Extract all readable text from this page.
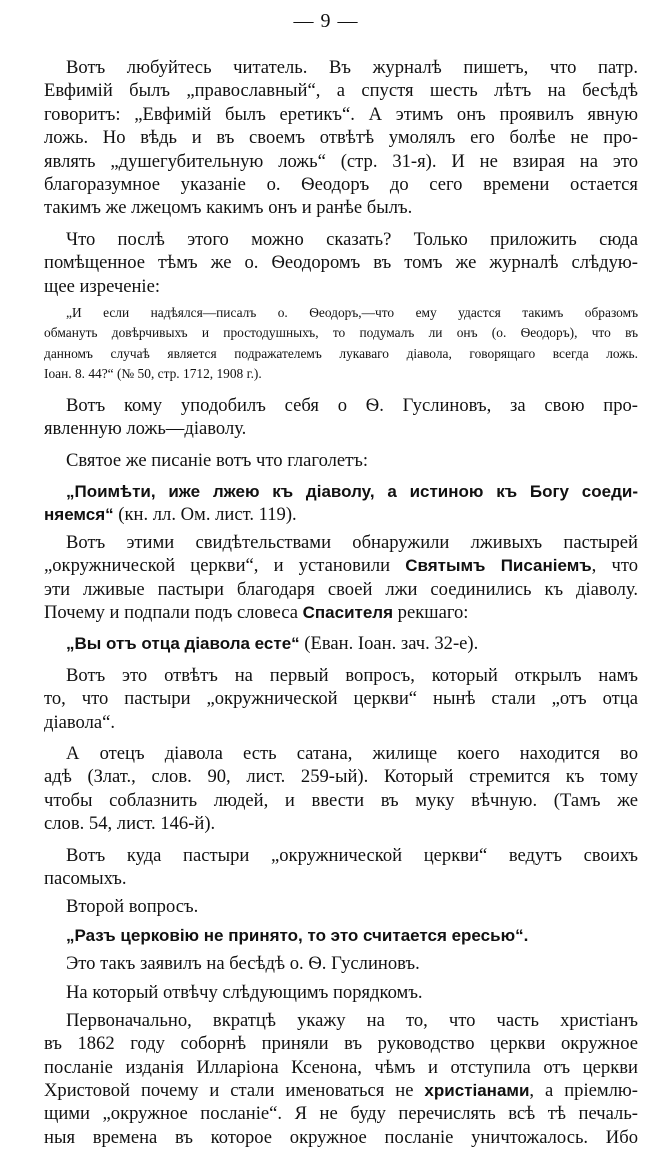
— 9 —
Вотъ любуйтесь читатель. Въ журналѣ пишетъ, что патр.
Евфимій былъ „православный“, а спустя шесть лѣтъ на бесѣдѣ
говоритъ: „Евфимій былъ еретикъ“. А этимъ онъ проявилъ явную
ложь. Но вѣдь и въ своемъ отвѣтѣ умолялъ его болѣе не про-
являть „душегубительную ложь“ (стр. 31-я). И не взирая на это
благоразумное указаніе о. Ѳеодоръ до сего времени остается
такимъ же лжецомъ какимъ онъ и ранѣе былъ.
Что послѣ этого можно сказать? Только приложить сюда
помѣщенное тѣмъ же о. Ѳеодоромъ въ томъ же журналѣ слѣдую-
щее изреченіе:
„И если надѣялся—писалъ о. Ѳеодоръ,—что ему удастся такимъ образомъ
обмануть довѣрчивыхъ и простодушныхъ, то подумалъ ли онъ (о. Ѳеодоръ), что въ
данномъ случаѣ является подражателемъ лукаваго діавола, говорящаго всегда ложь.
Іоан. 8. 44?“ (№ 50, стр. 1712, 1908 г.).
Вотъ кому уподобилъ себя о Ѳ. Гуслиновъ, за свою про-
явленную ложь—діаволу.
Святое же писаніе вотъ что глаголетъ:
„Поимѣти, иже лжею къ діаволу, а истиною къ Богу соеди-
няемся“ (кн. лл. Ом. лист. 119).
Вотъ этими свидѣтельствами обнаружили лживыхъ пастырей
„окружнической церкви“, и установили Святымъ Писаніемъ, что
эти лживые пастыри благодаря своей лжи соединились къ діаволу.
Почему и подпали подъ словеса Спасителя рекшаго:
„Вы отъ отца діавола есте“ (Еван. Іоан. зач. 32-е).
Вотъ это отвѣтъ на первый вопросъ, который открылъ намъ
то, что пастыри „окружнической церкви“ нынѣ стали „отъ отца
діавола“.
А отецъ діавола есть сатана, жилище коего находится во
адѣ (Злат., слов. 90, лист. 259-ый). Который стремится къ тому
чтобы соблазнить людей, и ввести въ муку вѣчную. (Тамъ же
слов. 54, лист. 146-й).
Вотъ куда пастыри „окружнической церкви“ ведутъ своихъ
пасомыхъ.
Второй вопросъ.
„Разъ церковію не принято, то это считается ересью“.
Это такъ заявилъ на бесѣдѣ о. Ѳ. Гуслиновъ.
На который отвѣчу слѣдующимъ порядкомъ.
Первоначально, вкратцѣ укажу на то, что часть христіанъ
въ 1862 году соборнѣ приняли въ руководство церкви окружное
посланіе изданія Илларіона Ксенона, чѣмъ и отступила отъ церкви
Христовой почему и стали именоваться не христіанами, а пріемлю-
щими „окружное посланіе“. Я не буду перечислять всѣ тѣ печаль-
ныя времена въ которое окружное посланіе уничтожалось. Ибо
